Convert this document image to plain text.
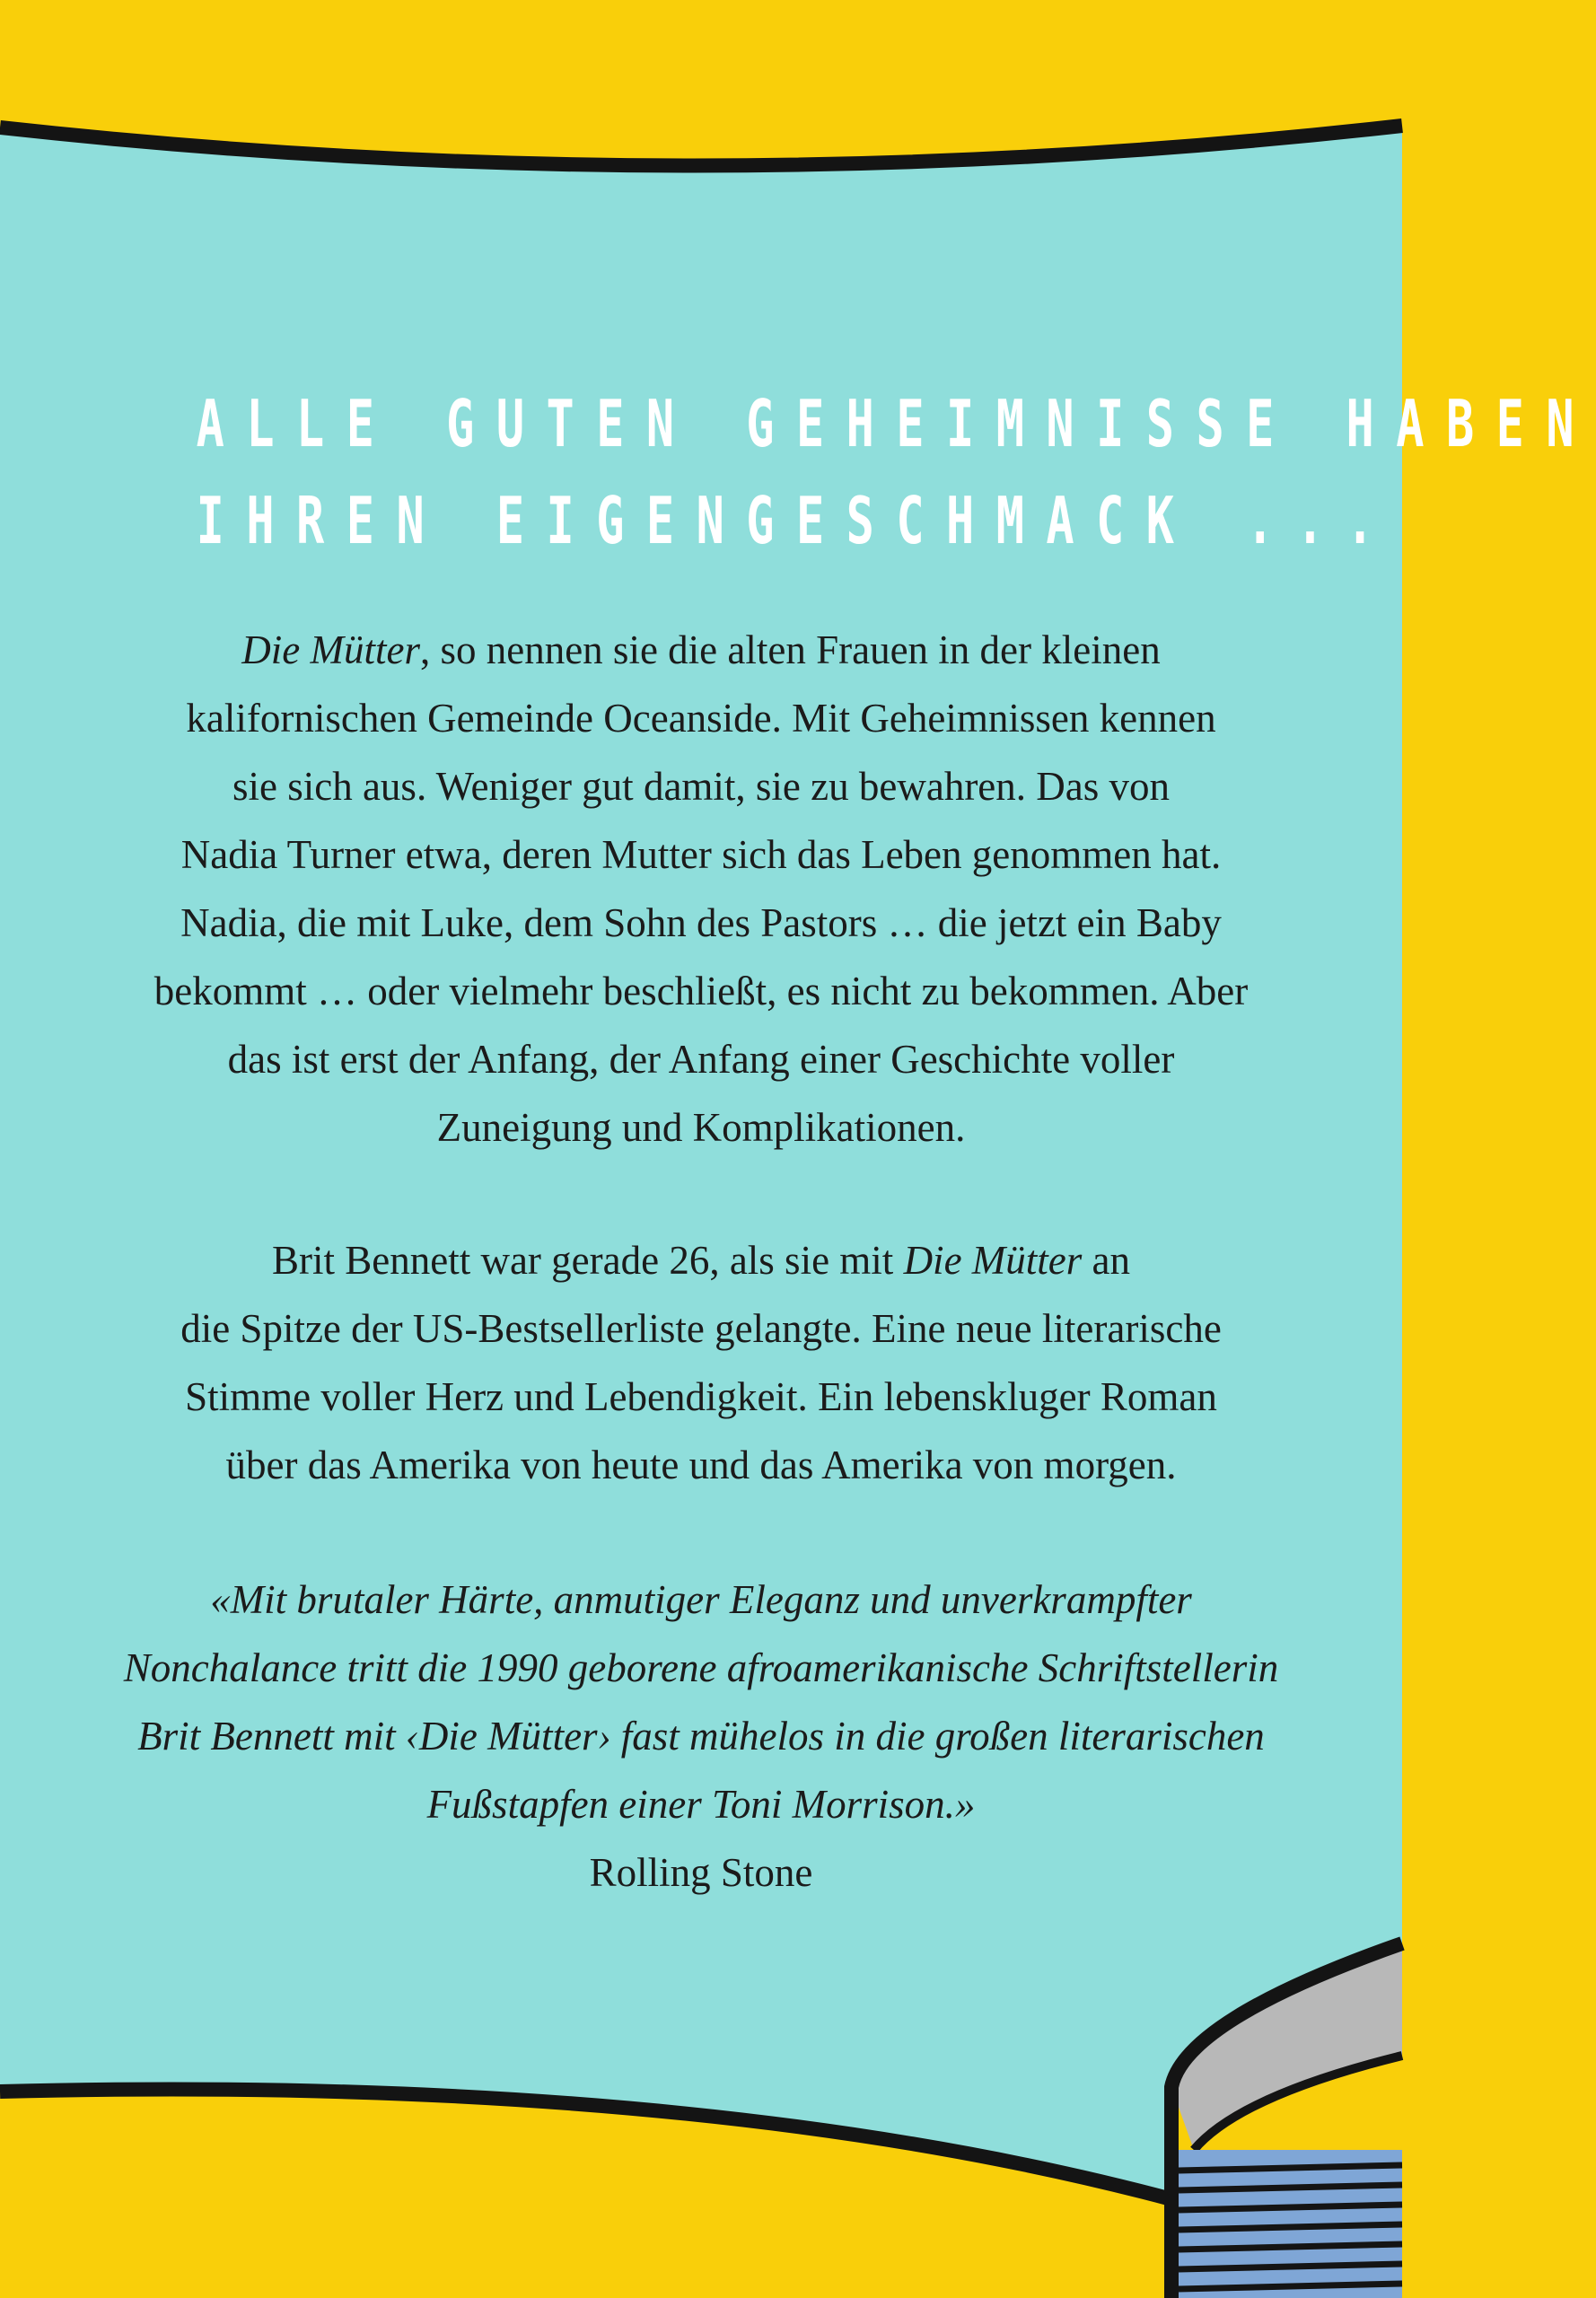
ALLE GUTEN GEHEIMNISSE HABEN
IHREN EIGENGESCHMACK ...
Die Mütter, so nennen sie die alten Frauen in der kleinen
kalifornischen Gemeinde Oceanside. Mit Geheimnissen kennen
sie sich aus. Weniger gut damit, sie zu bewahren. Das von
Nadia Turner etwa, deren Mutter sich das Leben genommen hat.
Nadia, die mit Luke, dem Sohn des Pastors … die jetzt ein Baby
bekommt … oder vielmehr beschließt, es nicht zu bekommen. Aber
das ist erst der Anfang, der Anfang einer Geschichte voller
Zuneigung und Komplikationen.
Brit Bennett war gerade 26, als sie mit Die Mütter an
die Spitze der US-Bestsellerliste gelangte. Eine neue literarische
Stimme voller Herz und Lebendigkeit. Ein lebenskluger Roman
über das Amerika von heute und das Amerika von morgen.
«Mit brutaler Härte, anmutiger Eleganz und unverkrampfter
Nonchalance tritt die 1990 geborene afroamerikanische Schriftstellerin
Brit Bennett mit ‹Die Mütter› fast mühelos in die großen literarischen
Fußstapfen einer Toni Morrison.»
Rolling Stone
